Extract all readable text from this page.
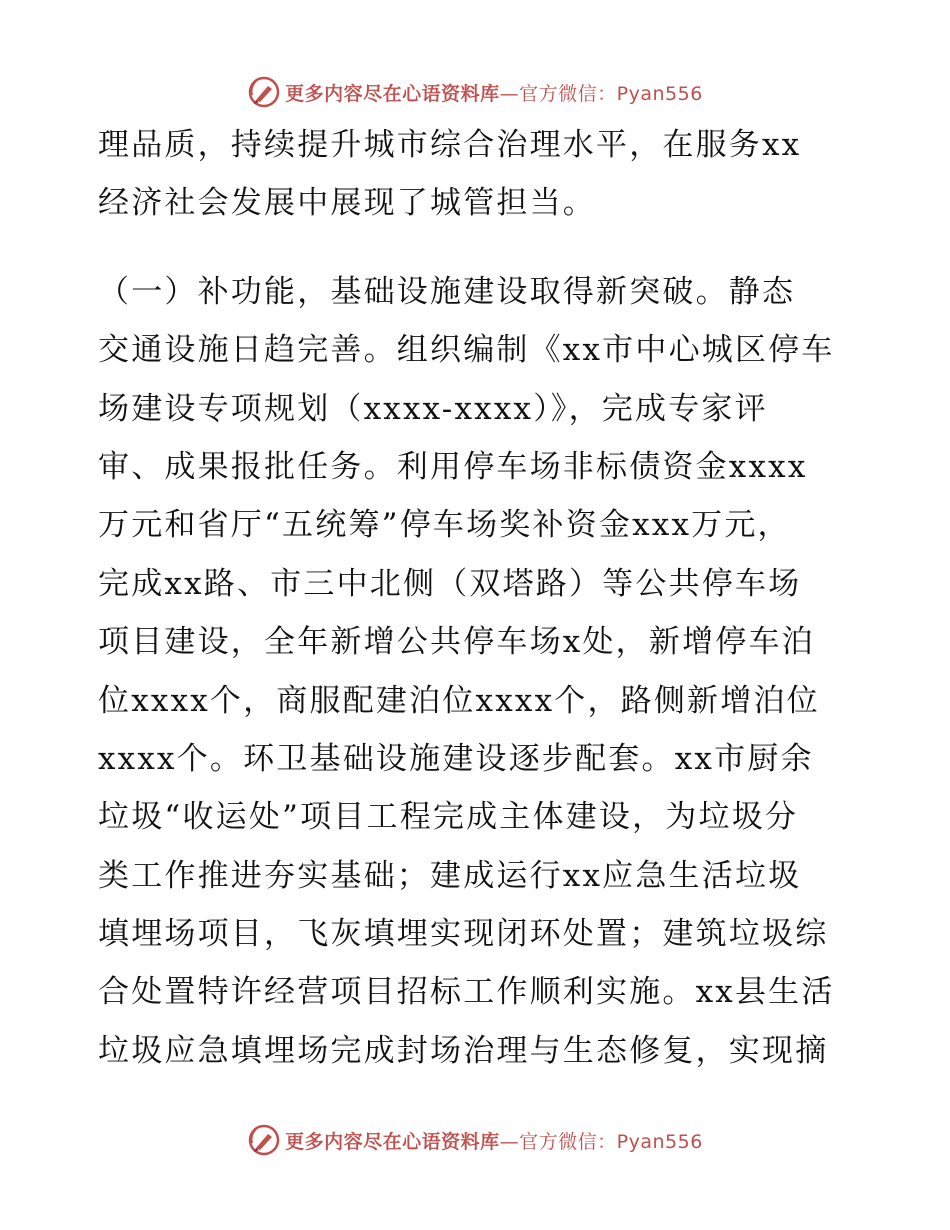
更多内容尽在心语资料库—官方微信：Pyan556
理品质，持续提升城市综合治理水平，在服务xx
经济社会发展中展现了城管担当。
（一）补功能，基础设施建设取得新突破。静态
交通设施日趋完善。组织编制《xx市中心城区停车
场建设专项规划（xxxx-xxxx）》，完成专家评
审、成果报批任务。利用停车场非标债资金xxxx
万元和省厅“五统筹”停车场奖补资金xxx万元，
完成xx路、市三中北侧（双塔路）等公共停车场
项目建设，全年新增公共停车场x处，新增停车泊
位xxxx个，商服配建泊位xxxx个，路侧新增泊位
xxxx个。环卫基础设施建设逐步配套。xx市厨余
垃圾“收运处”项目工程完成主体建设，为垃圾分
类工作推进夯实基础；建成运行xx应急生活垃圾
填埋场项目，飞灰填埋实现闭环处置；建筑垃圾综
合处置特许经营项目招标工作顺利实施。xx县生活
垃圾应急填埋场完成封场治理与生态修复，实现摘
更多内容尽在心语资料库—官方微信：Pyan556
